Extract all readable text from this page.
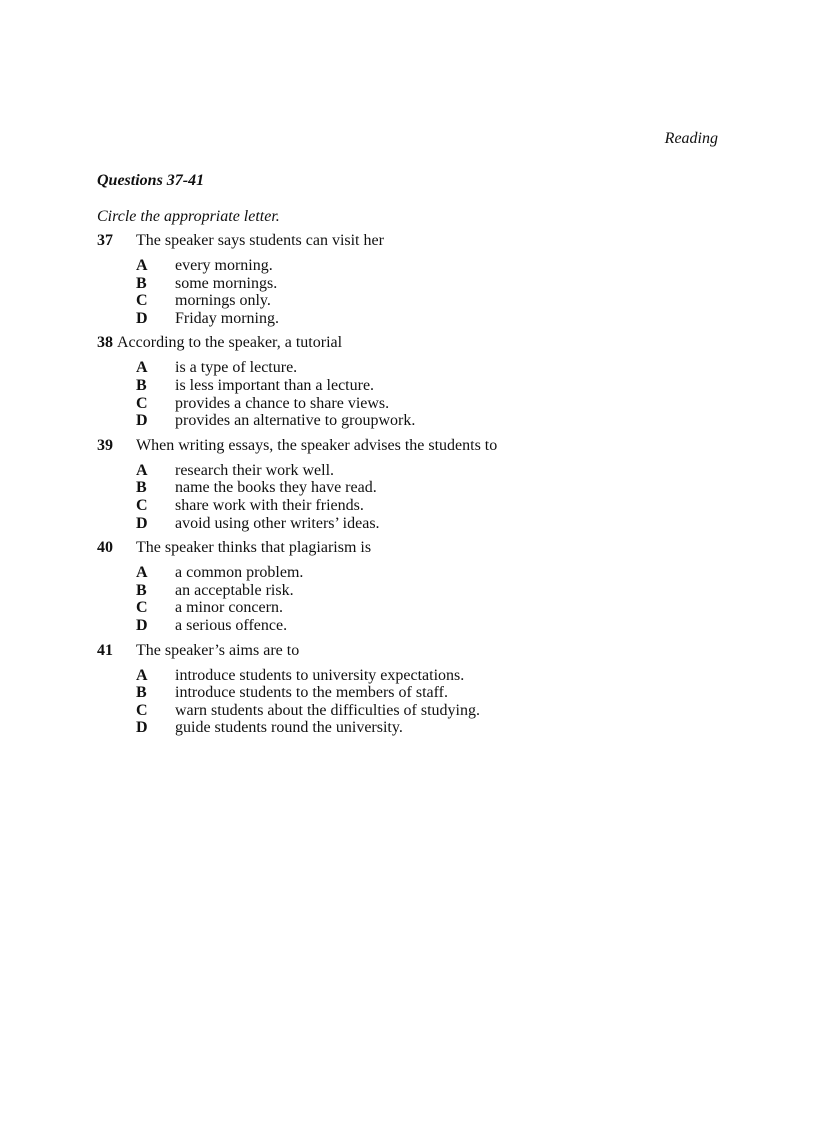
Reading
Questions 37-41
Circle the appropriate letter.
37	The speaker says students can visit her
A	every morning.
B	some mornings.
C	mornings only.
D	Friday morning.
38 According to the speaker, a tutorial
A	is a type of lecture.
B	is less important than a lecture.
C	provides a chance to share views.
D	provides an alternative to groupwork.
39	When writing essays, the speaker advises the students to
A	research their work well.
B	name the books they have read.
C	share work with their friends.
D	avoid using other writers’ ideas.
40	The speaker thinks that plagiarism is
A	a common problem.
B	an acceptable risk.
C	a minor concern.
D	a serious offence.
41	The speaker’s aims are to
A	introduce students to university expectations.
B	introduce students to the members of staff.
C	warn students about the difficulties of studying.
D	guide students round the university.
